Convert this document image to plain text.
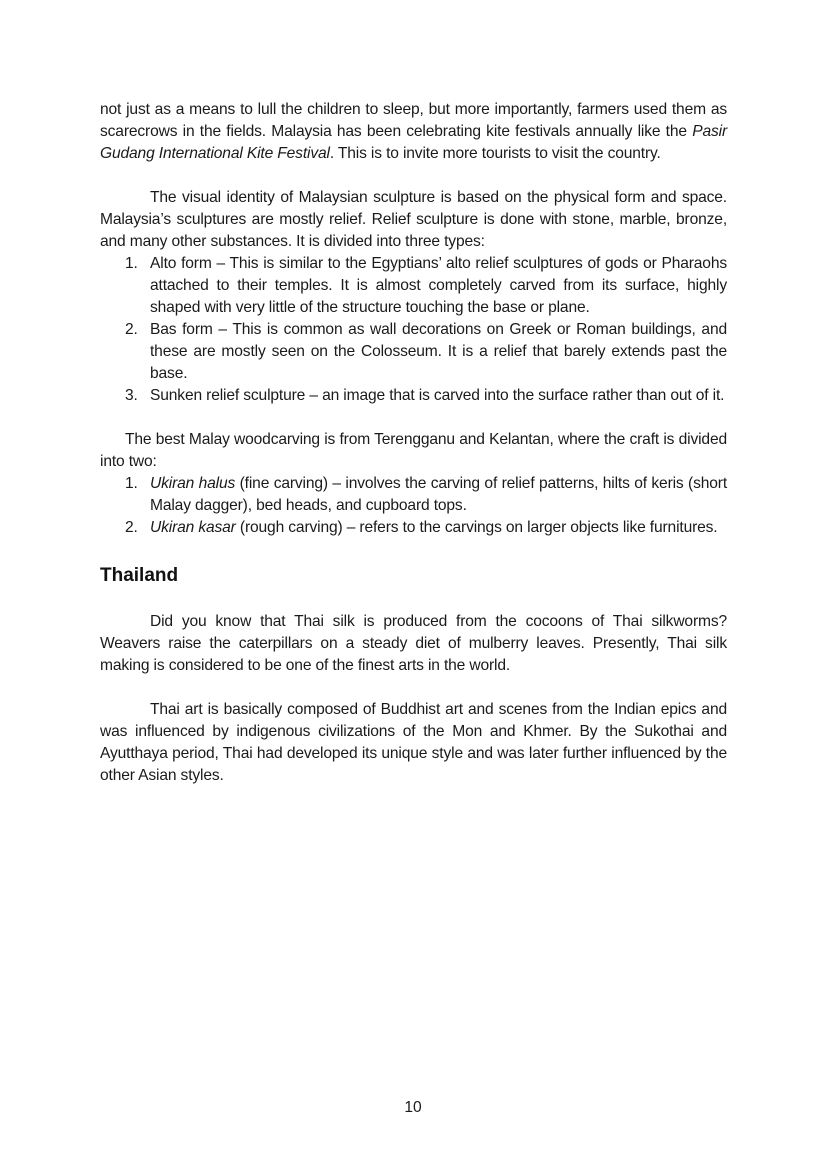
not just as a means to lull the children to sleep, but more importantly, farmers used them as scarecrows in the fields. Malaysia has been celebrating kite festivals annually like the Pasir Gudang International Kite Festival. This is to invite more tourists to visit the country.

The visual identity of Malaysian sculpture is based on the physical form and space. Malaysia’s sculptures are mostly relief. Relief sculpture is done with stone, marble, bronze, and many other substances. It is divided into three types:

1. Alto form – This is similar to the Egyptians’ alto relief sculptures of gods or Pharaohs attached to their temples. It is almost completely carved from its surface, highly shaped with very little of the structure touching the base or plane.
2. Bas form – This is common as wall decorations on Greek or Roman buildings, and these are mostly seen on the Colosseum. It is a relief that barely extends past the base.
3. Sunken relief sculpture – an image that is carved into the surface rather than out of it.

The best Malay woodcarving is from Terengganu and Kelantan, where the craft is divided into two:

1. Ukiran halus (fine carving) – involves the carving of relief patterns, hilts of keris (short Malay dagger), bed heads, and cupboard tops.
2. Ukiran kasar (rough carving) – refers to the carvings on larger objects like furnitures.
Thailand

Did you know that Thai silk is produced from the cocoons of Thai silkworms? Weavers raise the caterpillars on a steady diet of mulberry leaves. Presently, Thai silk making is considered to be one of the finest arts in the world.

Thai art is basically composed of Buddhist art and scenes from the Indian epics and was influenced by indigenous civilizations of the Mon and Khmer. By the Sukothai and Ayutthaya period, Thai had developed its unique style and was later further influenced by the other Asian styles.

10
